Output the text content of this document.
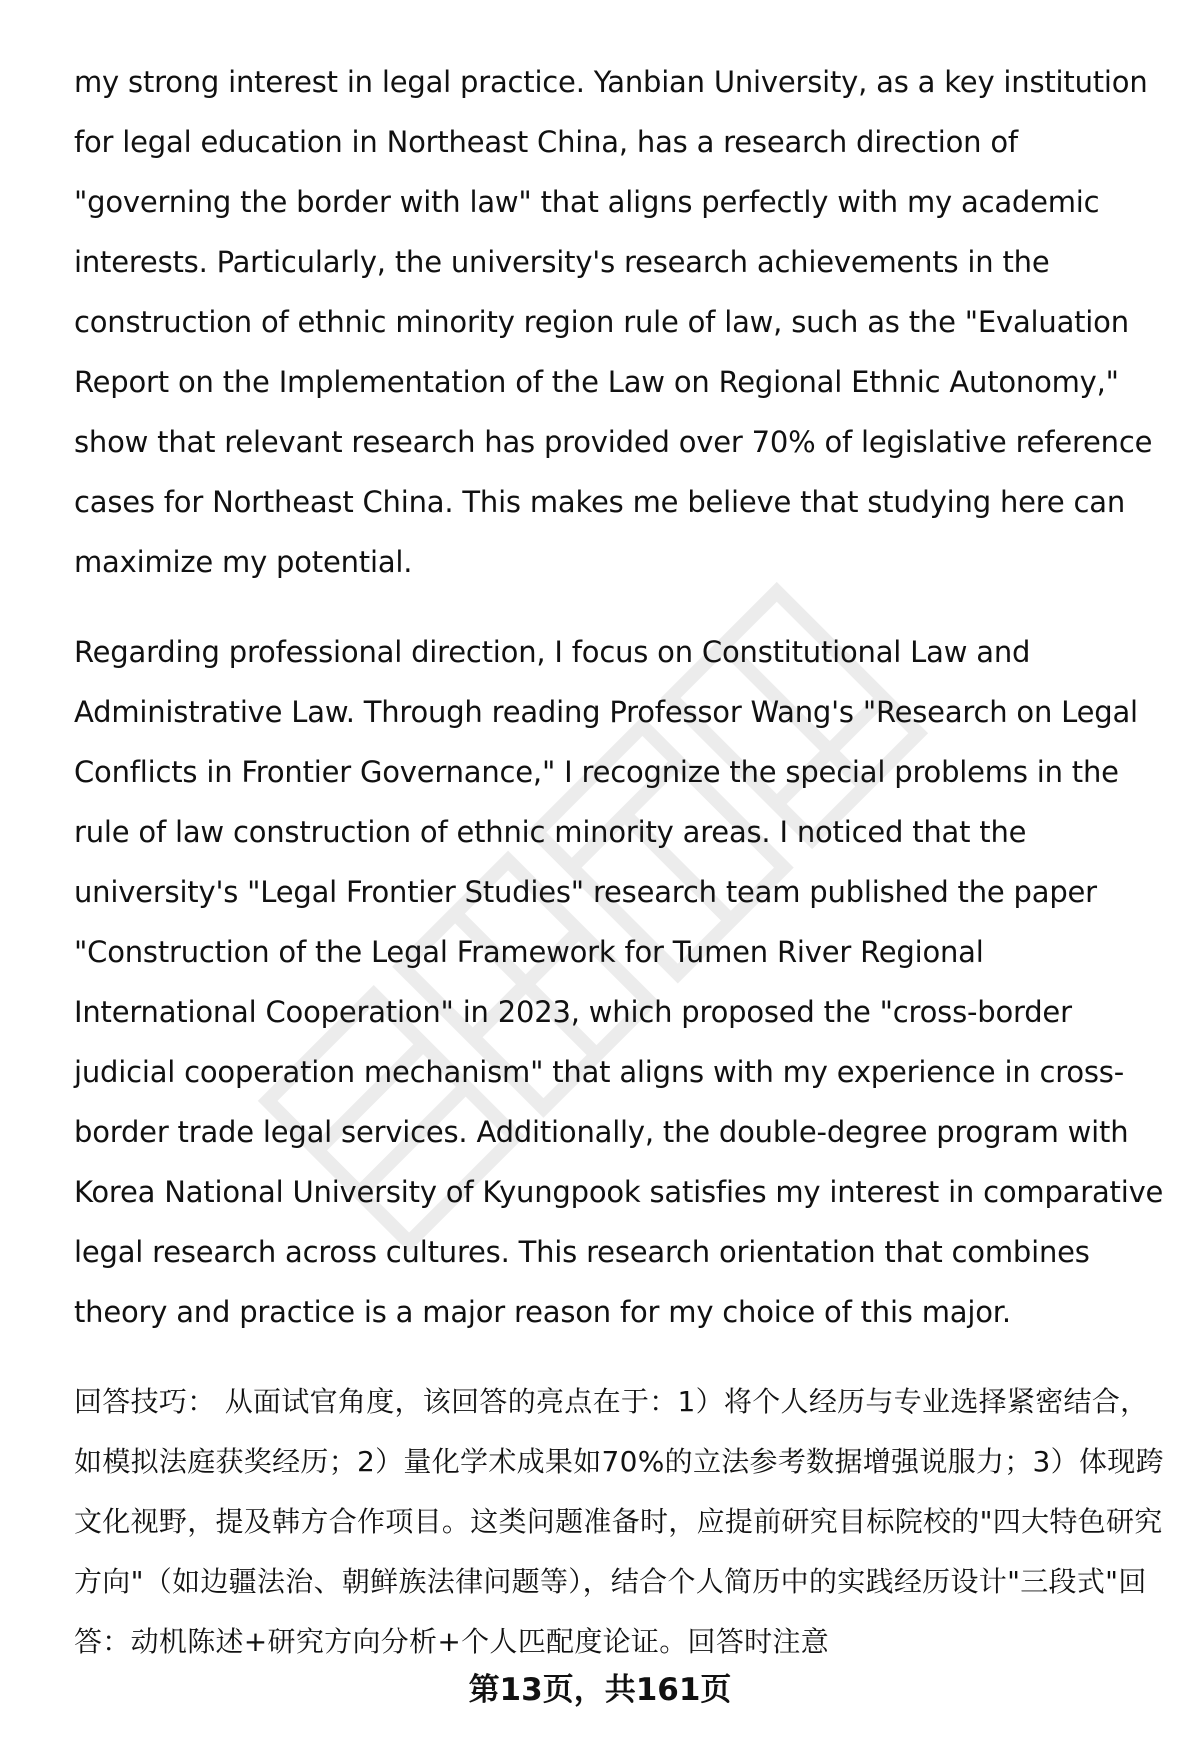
my strong interest in legal practice. Yanbian University, as a key institution for legal education in Northeast China, has a research direction of "governing the border with law" that aligns perfectly with my academic interests. Particularly, the university's research achievements in the construction of ethnic minority region rule of law, such as the "Evaluation Report on the Implementation of the Law on Regional Ethnic Autonomy," show that relevant research has provided over 70% of legislative reference cases for Northeast China. This makes me believe that studying here can maximize my potential.

Regarding professional direction, I focus on Constitutional Law and Administrative Law. Through reading Professor Wang's "Research on Legal Conflicts in Frontier Governance," I recognize the special problems in the rule of law construction of ethnic minority areas. I noticed that the university's "Legal Frontier Studies" research team published the paper "Construction of the Legal Framework for Tumen River Regional International Cooperation" in 2023, which proposed the "cross-border judicial cooperation mechanism" that aligns with my experience in cross-border trade legal services. Additionally, the double-degree program with Korea National University of Kyungpook satisfies my interest in comparative legal research across cultures. This research orientation that combines theory and practice is a major reason for my choice of this major.

回答技巧： 从面试官角度，该回答的亮点在于：1）将个人经历与专业选择紧密结合，如模拟法庭获奖经历；2）量化学术成果如70%的立法参考数据增强说服力；3）体现跨文化视野，提及韩方合作项目。这类问题准备时，应提前研究目标院校的"四大特色研究方向"（如边疆法治、朝鲜族法律问题等），结合个人简历中的实践经历设计"三段式"回答：动机陈述+研究方向分析+个人匹配度论证。回答时注意

第13页，共161页
